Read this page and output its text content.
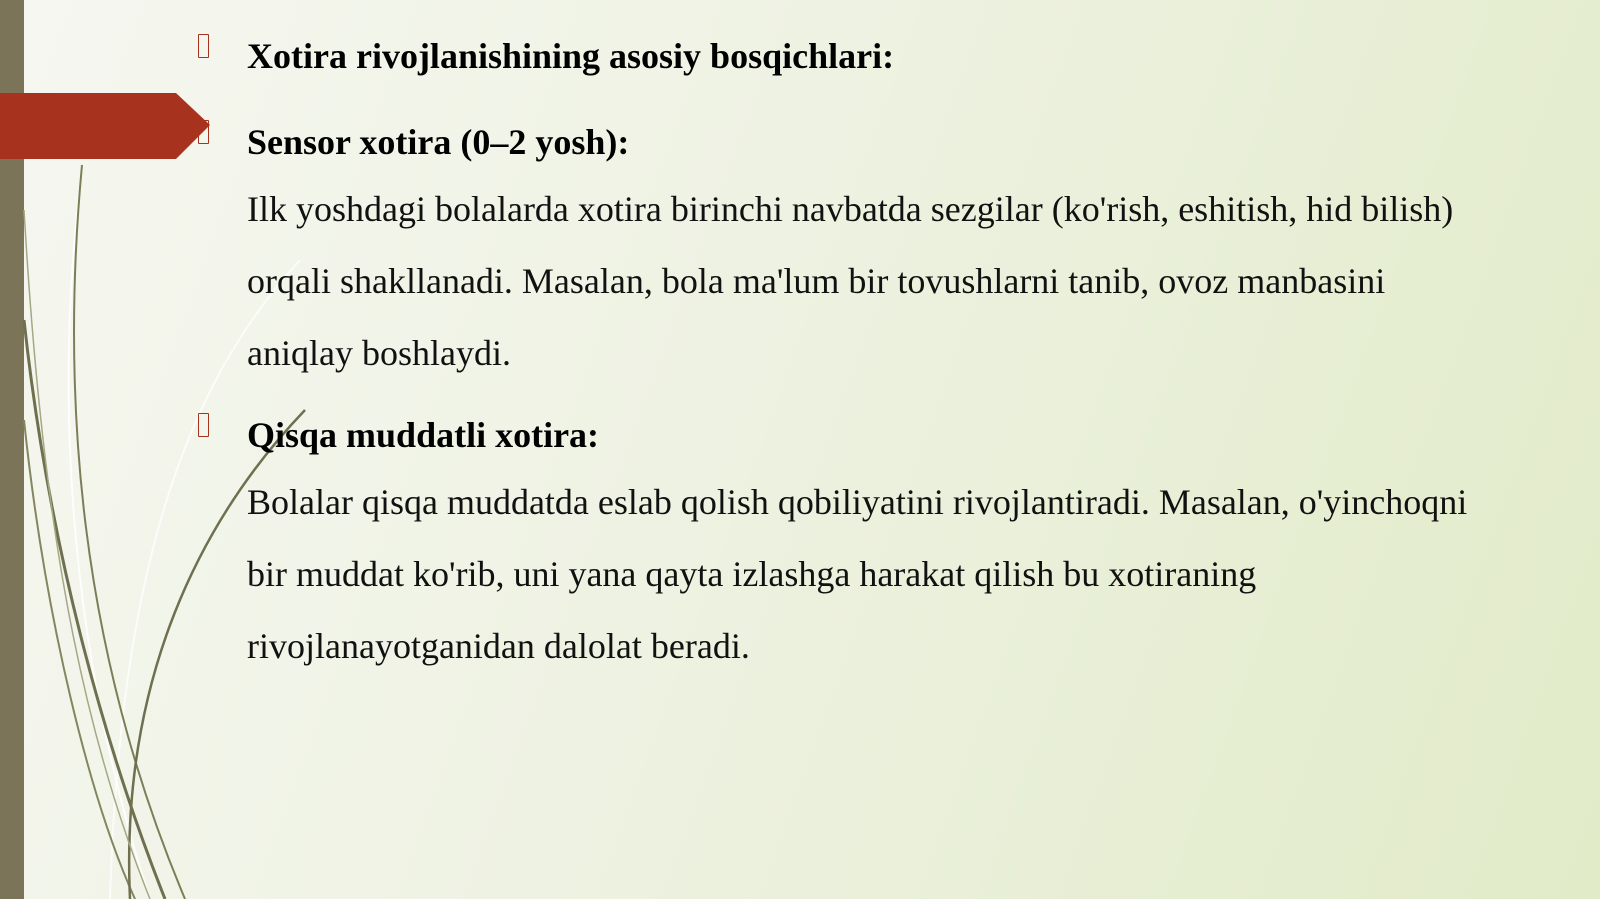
Xotira rivojlanishining asosiy bosqichlari:
Sensor xotira (0–2 yosh):
Ilk yoshdagi bolalarda xotira birinchi navbatda sezgilar (ko'rish, eshitish, hid bilish) orqali shakllanadi. Masalan, bola ma'lum bir tovushlarni tanib, ovoz manbasini aniqlay boshlaydi.
Qisqa muddatli xotira:
Bolalar qisqa muddatda eslab qolish qobiliyatini rivojlantiradi. Masalan, o'yinchoqni bir muddat ko'rib, uni yana qayta izlashga harakat qilish bu xotiraning rivojlanayotganidan dalolat beradi.
